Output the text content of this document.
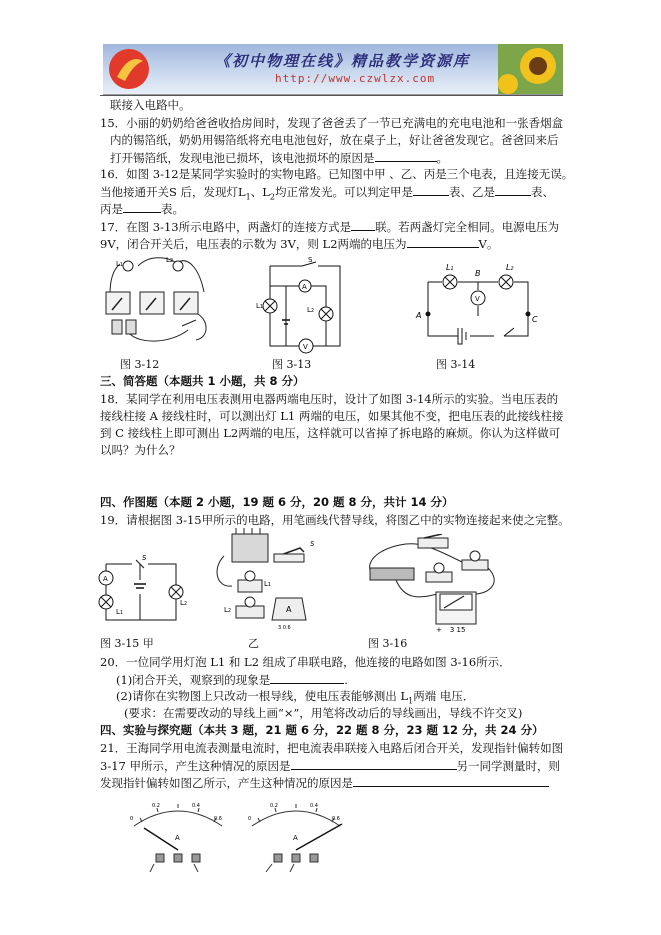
《初中物理在线》精品教学资源库
http://www.czwlzx.com
联接入电路中。
15．小丽的奶奶给爸爸收拾房间时，发现了爸爸丢了一节已充满电的充电电池和一张香烟盒
内的锡箔纸，奶奶用锡箔纸将充电电池包好，放在桌子上，好让爸爸发现它。爸爸回来后
打开锡箔纸，发现电池已损坏，该电池损坏的原因是	。
16．如图 3-12是某同学实验时的实物电路。已知图中甲 、乙、丙是三个电表，且连接无误。
当他接通开关S 后，发现灯$L_1$、$L_2$均正常发光。可以判定甲是	表、乙是	表、
丙是	表。
17．在图 3-13所示电路中，两盏灯的连接方式是 联。若两盏灯完全相同。电源电压为
9V，闭合开关后，电压表的示数为 3V，则 L2两端的电压为	V。
L1
L2
图 3-12
A
V
S
L1	L2
图 3-13
V
L1	L2
B
A	C
图 3-14
三、简答题（本题共 1 小题，共 8 分）
18．某同学在利用电压表测用电器两端电压时，设计了如图 3-14所示的实验。当电压表的
接线柱接 A 接线柱时，可以测出灯 L1 两端的电压，如果其他不变，把电压表的此接线柱接
到 C 接线柱上即可测出 L2两端的电压，这样就可以省掉了拆电路的麻烦。你认为这样做可
以吗？为什么？
四、作图题（本题 2 小题，19 题 6 分，20 题 8 分，共计 14 分）
19．请根据图 3-15甲所示的电路，用笔画线代替导线，将图乙中的实物连接起来使之完整。
A
S
L1
L2
图 3-15 甲
S
L1
L2	A
3 0.6
乙
+ 3 15
图 3-16
20．一位同学用灯泡 L1 和 L2 组成了串联电路，他连接的电路如图 3-16所示．
(1)闭合开关，观察到的现象是	.
(2)请你在实物图上只改动一根导线，使电压表能够测出 $L_1$两端 电压．
(要求：在需要改动的导线上画“×”，用笔将改动后的导线画出，导线不许交叉)
四、实验与探究题（本共 3 题，21 题 6 分，22 题 8 分，23 题 12 分，共 24 分）
21．王海同学用电流表测量电流时，把电流表串联接入电路后闭合开关，发现指针偏转如图
3-17 甲所示，产生这种情况的原因是	另一同学测量时，则
发现指针偏转如图乙所示，产生这种情况的原因是
0
0.2	0.4
0.6
A
0
0.2	0.4
0.6
A
